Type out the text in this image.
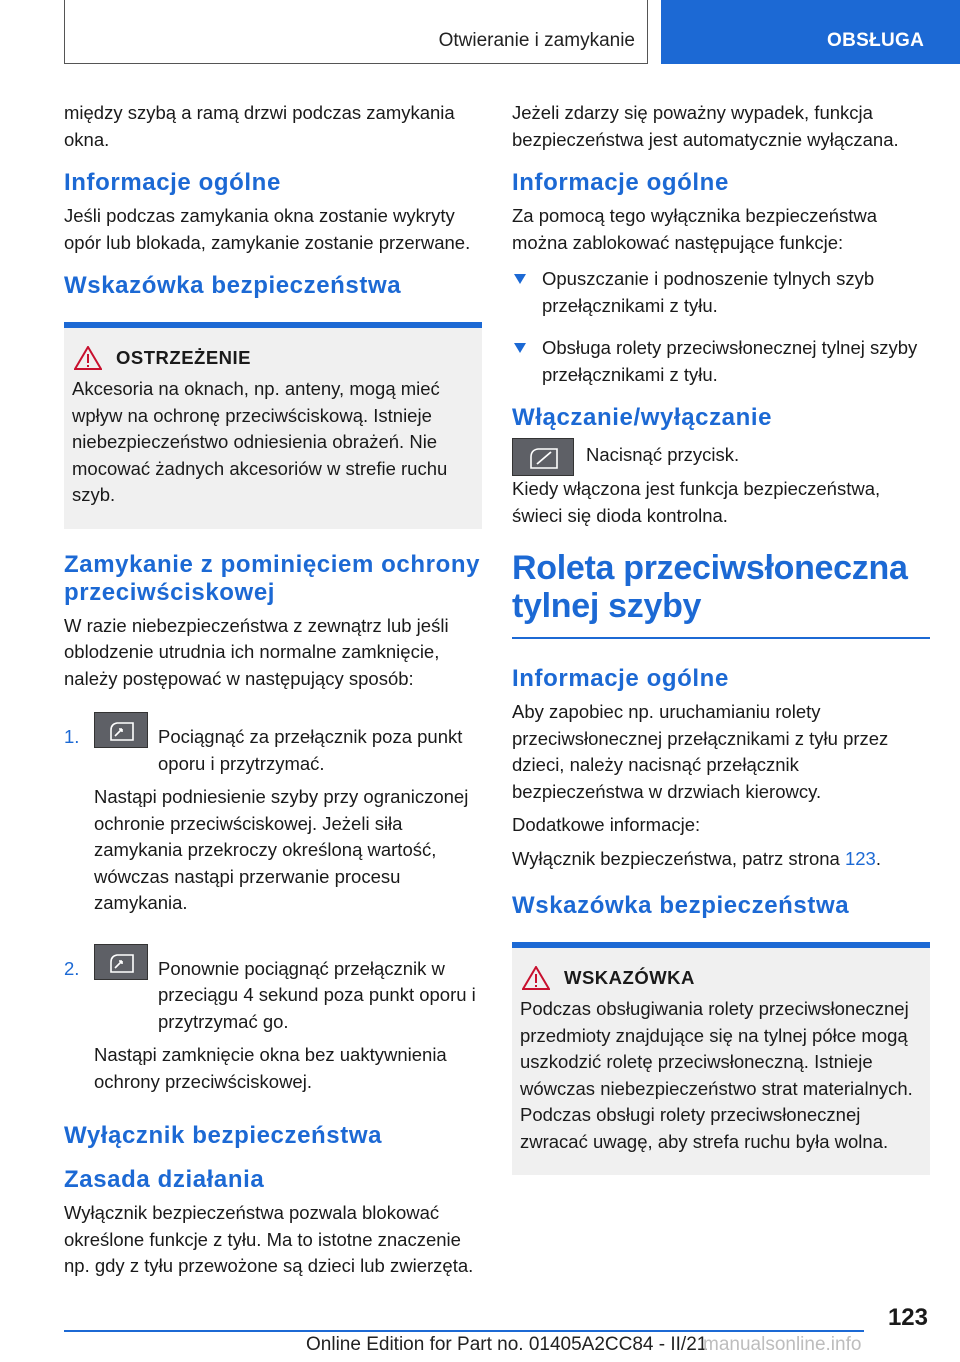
Otwieranie i zamykanie	OBSŁUGA

między szybą a ramą drzwi podczas zamykania okna.

Informacje ogólne

Jeśli podczas zamykania okna zostanie wykryty opór lub blokada, zamykanie zostanie przerwane.

Wskazówka bezpieczeństwa
OSTRZEŻENIE

Akcesoria na oknach, np. anteny, mogą mieć wpływ na ochronę przeciwściskową. Istnieje niebezpieczeństwo odniesienia obrażeń. Nie mocować żadnych akcesoriów w strefie ruchu szyb.

Zamykanie z pominięciem ochrony przeciwściskowej

W razie niebezpieczeństwa z zewnątrz lub jeśli oblodzenie utrudnia ich normalne zamknięcie, należy postępować w następujący sposób:

1.	Pociągnąć za przełącznik poza punkt oporu i przytrzymać.

Nastąpi podniesienie szyby przy ograniczonej ochronie przeciwściskowej. Jeżeli siła zamykania przekroczy określoną wartość, wówczas nastąpi przerwanie procesu zamykania.

2.	Ponownie pociągnąć przełącznik w przeciągu 4 sekund poza punkt oporu i przytrzymać go.

Nastąpi zamknięcie okna bez uaktywnienia ochrony przeciwściskowej.

Wyłącznik bezpieczeństwa
Zasada działania

Wyłącznik bezpieczeństwa pozwala blokować określone funkcje z tyłu. Ma to istotne znaczenie np. gdy z tyłu przewożone są dzieci lub zwierzęta.

Jeżeli zdarzy się poważny wypadek, funkcja bezpieczeństwa jest automatycznie wyłączana.

Informacje ogólne

Za pomocą tego wyłącznika bezpieczeństwa można zablokować następujące funkcje:

Opuszczanie i podnoszenie tylnych szyb przełącznikami z tyłu.
Obsługa rolety przeciwsłonecznej tylnej szyby przełącznikami z tyłu.
Włączanie/wyłączanie

Nacisnąć przycisk.

Kiedy włączona jest funkcja bezpieczeństwa, świeci się dioda kontrolna.

Roleta przeciwsłoneczna tylnej szyby
Informacje ogólne

Aby zapobiec np. uruchamianiu rolety przeciwsłonecznej przełącznikami z tyłu przez dzieci, należy nacisnąć przełącznik bezpieczeństwa w drzwiach kierowcy.

Dodatkowe informacje:

Wyłącznik bezpieczeństwa, patrz strona 123.

Wskazówka bezpieczeństwa
WSKAZÓWKA

Podczas obsługiwania rolety przeciwsłonecznej przedmioty znajdujące się na tylnej półce mogą uszkodzić roletę przeciwsłoneczną. Istnieje wówczas niebezpieczeństwo strat materialnych. Podczas obsługi rolety przeciwsłonecznej zwracać uwagę, aby strefa ruchu była wolna.

123
Online Edition for Part no. 01405A2CC84 - II/21
manualsonline.info
